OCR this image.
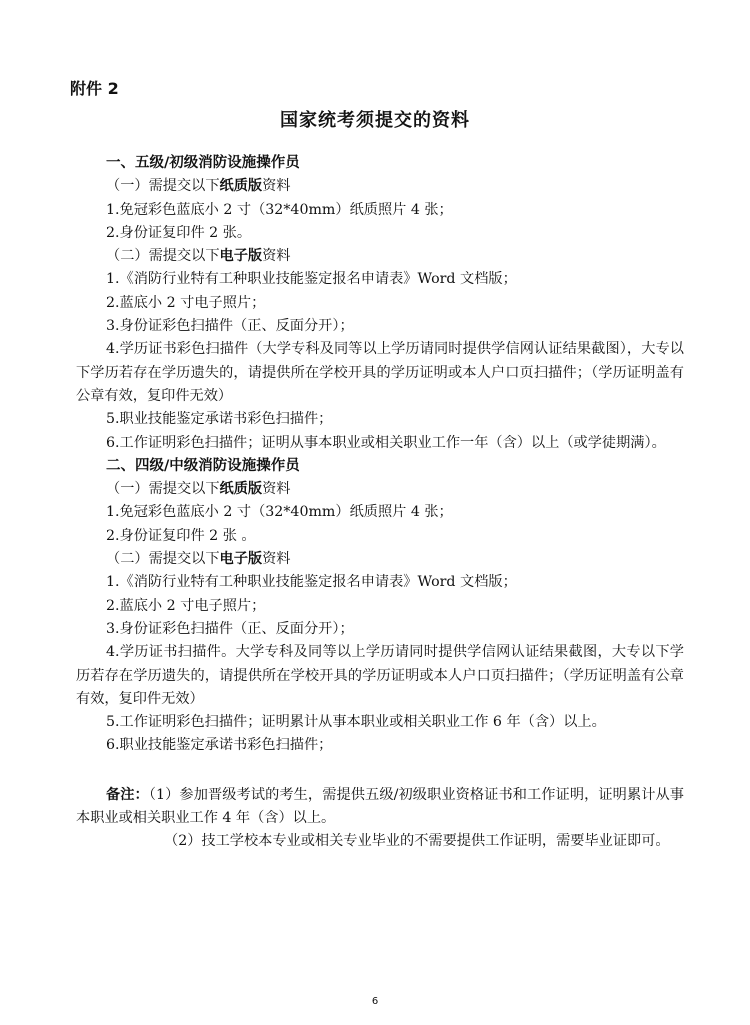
附件 2
国家统考须提交的资料

一、五级/初级消防设施操作员

（一）需提交以下纸质版资料

1.免冠彩色蓝底小 2 寸（32*40mm）纸质照片 4 张；

2.身份证复印件 2 张。

（二）需提交以下电子版资料

1.《消防行业特有工种职业技能鉴定报名申请表》Word 文档版；

2.蓝底小 2 寸电子照片；

3.身份证彩色扫描件（正、反面分开）；

4.学历证书彩色扫描件（大学专科及同等以上学历请同时提供学信网认证结果截图），大专以下学历若存在学历遗失的，请提供所在学校开具的学历证明或本人户口页扫描件；（学历证明盖有公章有效，复印件无效）

5.职业技能鉴定承诺书彩色扫描件；

6.工作证明彩色扫描件；证明从事本职业或相关职业工作一年（含）以上（或学徒期满）。

二、四级/中级消防设施操作员

（一）需提交以下纸质版资料

1.免冠彩色蓝底小 2 寸（32*40mm）纸质照片 4 张；

2.身份证复印件 2 张 。

（二）需提交以下电子版资料

1.《消防行业特有工种职业技能鉴定报名申请表》Word 文档版；

2.蓝底小 2 寸电子照片；

3.身份证彩色扫描件（正、反面分开）；

4.学历证书扫描件。大学专科及同等以上学历请同时提供学信网认证结果截图，大专以下学历若存在学历遗失的，请提供所在学校开具的学历证明或本人户口页扫描件；（学历证明盖有公章有效，复印件无效）

5.工作证明彩色扫描件；证明累计从事本职业或相关职业工作 6 年（含）以上。

6.职业技能鉴定承诺书彩色扫描件；

备注：（1）参加晋级考试的考生，需提供五级/初级职业资格证书和工作证明，证明累计从事本职业或相关职业工作 4 年（含）以上。

（2）技工学校本专业或相关专业毕业的不需要提供工作证明，需要毕业证即可。

6
